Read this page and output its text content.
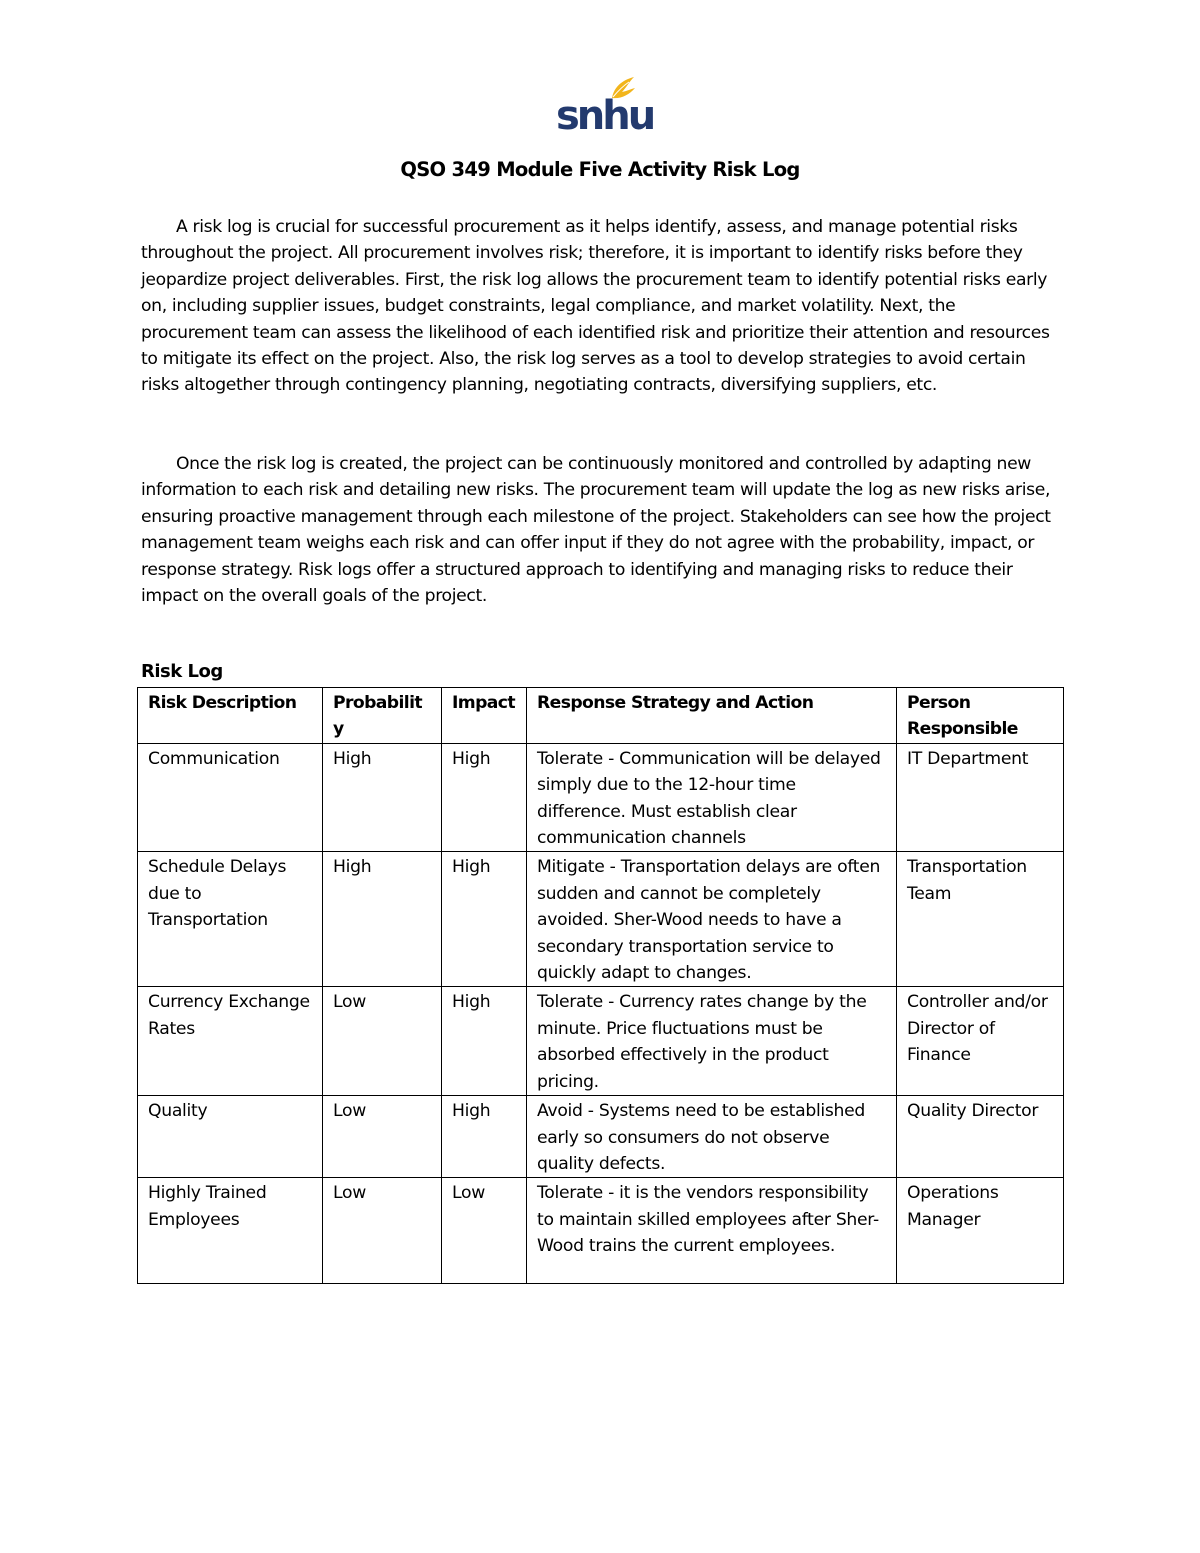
snhu
QSO 349 Module Five Activity Risk Log

A risk log is crucial for successful procurement as it helps identify, assess, and manage potential risks throughout the project. All procurement involves risk; therefore, it is important to identify risks before they jeopardize project deliverables. First, the risk log allows the procurement team to identify potential risks early on, including supplier issues, budget constraints, legal compliance, and market volatility. Next, the procurement team can assess the likelihood of each identified risk and prioritize their attention and resources to mitigate its effect on the project. Also, the risk log serves as a tool to develop strategies to avoid certain risks altogether through contingency planning, negotiating contracts, diversifying suppliers, etc.

Once the risk log is created, the project can be continuously monitored and controlled by adapting new information to each risk and detailing new risks. The procurement team will update the log as new risks arise, ensuring proactive management through each milestone of the project. Stakeholders can see how the project management team weighs each risk and can offer input if they do not agree with the probability, impact, or response strategy. Risk logs offer a structured approach to identifying and managing risks to reduce their impact on the overall goals of the project.

Risk Log
Risk Description	Probability	Impact	Response Strategy and Action	Person Responsible
Communication	High	High	Tolerate - Communication will be delayed simply due to the 12-hour time difference. Must establish clear communication channels	IT Department
Schedule Delays due to Transportation	High	High	Mitigate - Transportation delays are often sudden and cannot be completely avoided. Sher-Wood needs to have a secondary transportation service to quickly adapt to changes.	Transportation Team
Currency Exchange Rates	Low	High	Tolerate - Currency rates change by the minute. Price fluctuations must be absorbed effectively in the product pricing.	Controller and/or Director of Finance
Quality	Low	High	Avoid - Systems need to be established early so consumers do not observe quality defects.	Quality Director
Highly Trained Employees	Low	Low	Tolerate - it is the vendors responsibility to maintain skilled employees after Sher-Wood trains the current employees.	Operations Manager
